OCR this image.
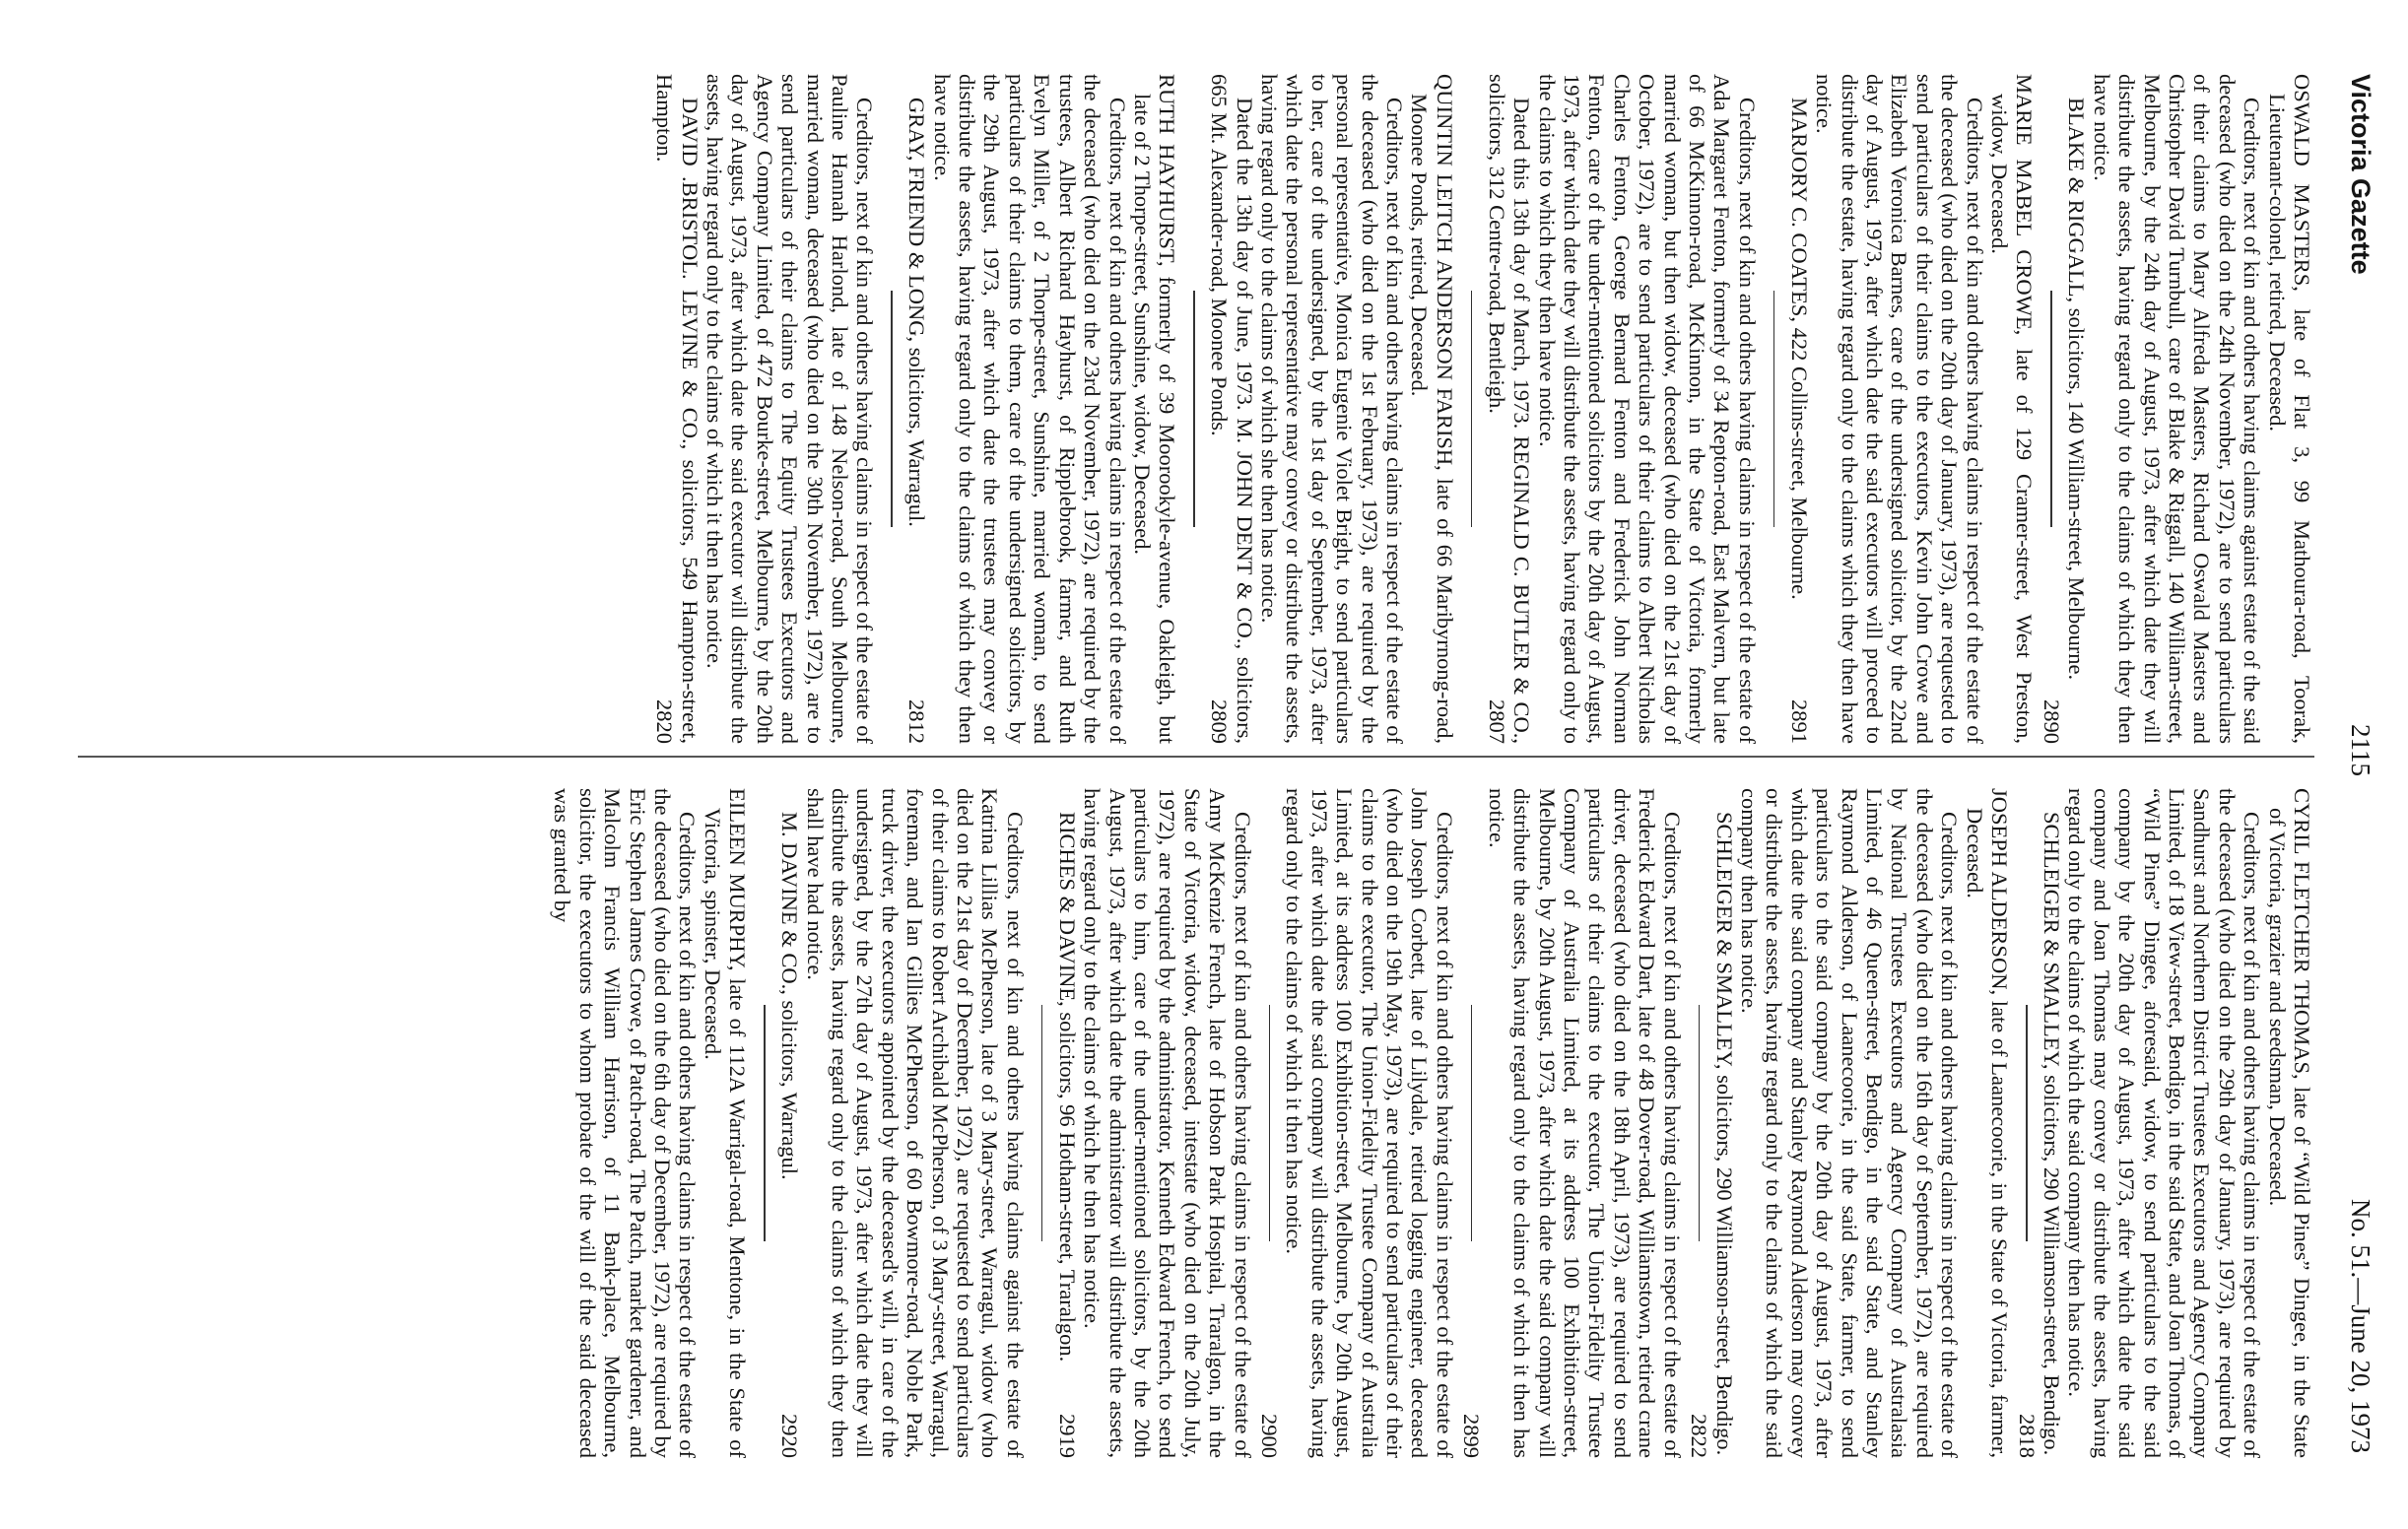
Victoria Gazette
2115
No. 51.—June 20, 1973

OSWALD MASTERS, late of Flat 3, 99 Mathoura-road, Toorak, Lieutenant-colonel, retired, Deceased.

Creditors, next of kin and others having claims against estate of the said deceased (who died on the 24th November, 1972), are to send particulars of their claims to Mary Alfreda Masters, Richard Oswald Masters and Christopher David Turnbull, care of Blake & Riggall, 140 William-street, Melbourne, by the 24th day of August, 1973, after which date they will distribute the assets, having regard only to the claims of which they then have notice.

BLAKE & RIGGALL, solicitors, 140 William-street, Melbourne.
2890

MARIE MABEL CROWE, late of 129 Cramer-street, West Preston, widow, Deceased.

Creditors, next of kin and others having claims in respect of the estate of the deceased (who died on the 20th day of January, 1973), are requested to send particulars of their claims to the executors, Kevin John Crowe and Elizabeth Veronica Barnes, care of the undersigned solicitor, by the 22nd day of August, 1973, after which date the said executors will proceed to distribute the estate, having regard only to the claims which they then have notice.

MARJORY C. COATES, 422 Collins-street, Melbourne.
2891

Creditors, next of kin and others having claims in respect of the estate of Ada Margaret Fenton, formerly of 34 Repton-road, East Malvern, but late of 66 McKinnon-road, McKinnon, in the State of Victoria, formerly married woman, but then widow, deceased (who died on the 21st day of October, 1972), are to send particulars of their claims to Albert Nicholas Charles Fenton, George Bernard Fenton and Frederick John Norman Fenton, care of the under-mentioned solicitors by the 20th day of August, 1973, after which date they will distribute the assets, having regard only to the claims to which they then have notice.

Dated this 13th day of March, 1973. REGINALD C. BUTLER & CO., solicitors, 312 Centre-road, Bentleigh.
2807

QUINTIN LEITCH ANDERSON FARISH, late of 66 Maribyrnong-road, Moonee Ponds, retired, Deceased.

Creditors, next of kin and others having claims in respect of the estate of the deceased (who died on the 1st February, 1973), are required by the personal representative, Monica Eugenie Violet Bright, to send particulars to her, care of the undersigned, by the 1st day of September, 1973, after which date the personal representative may convey or distribute the assets, having regard only to the claims of which she then has notice.

Dated the 13th day of June, 1973. M. JOHN DENT & CO., solicitors, 665 Mt. Alexander-road, Moonee Ponds.
2809

RUTH HAYHURST, formerly of 39 Moorookyle-avenue, Oakleigh, but late of 2 Thorpe-street, Sunshine, widow, Deceased.

Creditors, next of kin and others having claims in respect of the estate of the deceased (who died on the 23rd November, 1972), are required by the trustees, Albert Richard Hayhurst, of Ripplebrook, farmer, and Ruth Evelyn Miller, of 2 Thorpe-street, Sunshine, married woman, to send particulars of their claims to them, care of the undersigned solicitors, by the 29th August, 1973, after which date the trustees may convey or distribute the assets, having regard only to the claims of which they then have notice.

GRAY, FRIEND & LONG, solicitors, Warragul.
2812

Creditors, next of kin and others having claims in respect of the estate of Pauline Hannah Harlond, late of 148 Nelson-road, South Melbourne, married woman, deceased (who died on the 30th November, 1972), are to send particulars of their claims to The Equity Trustees Executors and Agency Company Limited, of 472 Bourke-street, Melbourne, by the 20th day of August, 1973, after which date the said executor will distribute the assets, having regard only to the claims of which it then has notice.

DAVID .BRISTOL. LEVINE & CO., solicitors, 549 Hampton-street, Hampton.
2820

CYRIL FLETCHER THOMAS, late of “Wild Pines” Dingee, in the State of Victoria, grazier and seedsman, Deceased.

Creditors, next of kin and others having claims in respect of the estate of the deceased (who died on the 29th day of January, 1973), are required by Sandhurst and Northern District Trustees Executors and Agency Company Limited, of 18 View-street, Bendigo, in the said State, and Joan Thomas, of “Wild Pines” Dingee, aforesaid, widow, to send particulars to the said company by the 20th day of August, 1973, after which date the said company and Joan Thomas may convey or distribute the assets, having regard only to the claims of which the said company then has notice.

SCHLEIGER & SMALLEY, solicitors, 290 Williamson-street, Bendigo.
2818

JOSEPH ALDERSON, late of Laanecoorie, in the State of Victoria, farmer, Deceased.

Creditors, next of kin and others having claims in respect of the estate of the deceased (who died on the 16th day of September, 1972), are required by National Trustees Executors and Agency Company of Australasia Limited, of 46 Queen-street, Bendigo, in the said State, and Stanley Raymond Alderson, of Laanecoorie, in the said State, farmer, to send particulars to the said company by the 20th day of August, 1973, after which date the said company and Stanley Raymond Alderson may convey or distribute the assets, having regard only to the claims of which the said company then has notice.

SCHLEIGER & SMALLEY, solicitors, 290 Williamson-street, Bendigo.
2822

Creditors, next of kin and others having claims in respect of the estate of Frederick Edward Dart, late of 48 Dover-road, Williamstown, retired crane driver, deceased (who died on the 18th April, 1973), are required to send particulars of their claims to the executor, The Union-Fidelity Trustee Company of Australia Limited, at its address 100 Exhibition-street, Melbourne, by 20th August, 1973, after which date the said company will distribute the assets, having regard only to the claims of which it then has notice.

2899

Creditors, next of kin and others having claims in respect of the estate of John Joseph Corbett, late of Lilydale, retired logging engineer, deceased (who died on the 19th May, 1973), are required to send particulars of their claims to the executor, The Union-Fidelity Trustee Company of Australia Limited, at its address 100 Exhibition-street, Melbourne, by 20th August, 1973, after which date the said company will distribute the assets, having regard only to the claims of which it then has notice.

2900

Creditors, next of kin and others having claims in respect of the estate of Amy McKenzie French, late of Hobson Park Hospital, Traralgon, in the State of Victoria, widow, deceased, intestate (who died on the 20th July, 1972), are required by the administrator, Kenneth Edward French, to send particulars to him, care of the under-mentioned solicitors, by the 20th August, 1973, after which date the administrator will distribute the assets, having regard only to the claims of which he then has notice.

RICHES & DAVINE, solicitors, 96 Hotham-street, Traralgon.
2919

Creditors, next of kin and others having claims against the estate of Katrina Lillias McPherson, late of 3 Mary-street, Warragul, widow (who died on the 21st day of December, 1972), are requested to send particulars of their claims to Robert Archibald McPherson, of 3 Mary-street, Warragul, foreman, and Ian Gillies McPherson, of 60 Bowmore-road, Noble Park, truck driver, the executors appointed by the deceased's will, in care of the undersigned, by the 27th day of August, 1973, after which date they will distribute the assets, having regard only to the claims of which they then shall have had notice.

M. DAVINE & CO., solicitors, Warragul.
2920

EILEEN MURPHY, late of 112A Warrigal-road, Mentone, in the State of Victoria, spinster, Deceased.

Creditors, next of kin and others having claims in respect of the estate of the deceased (who died on the 6th day of December, 1972), are required by Eric Stephen James Crowe, of Patch-road, The Patch, market gardener, and Malcolm Francis William Harrison, of 11 Bank-place, Melbourne, solicitor, the executors to whom probate of the will of the said deceased was granted by
